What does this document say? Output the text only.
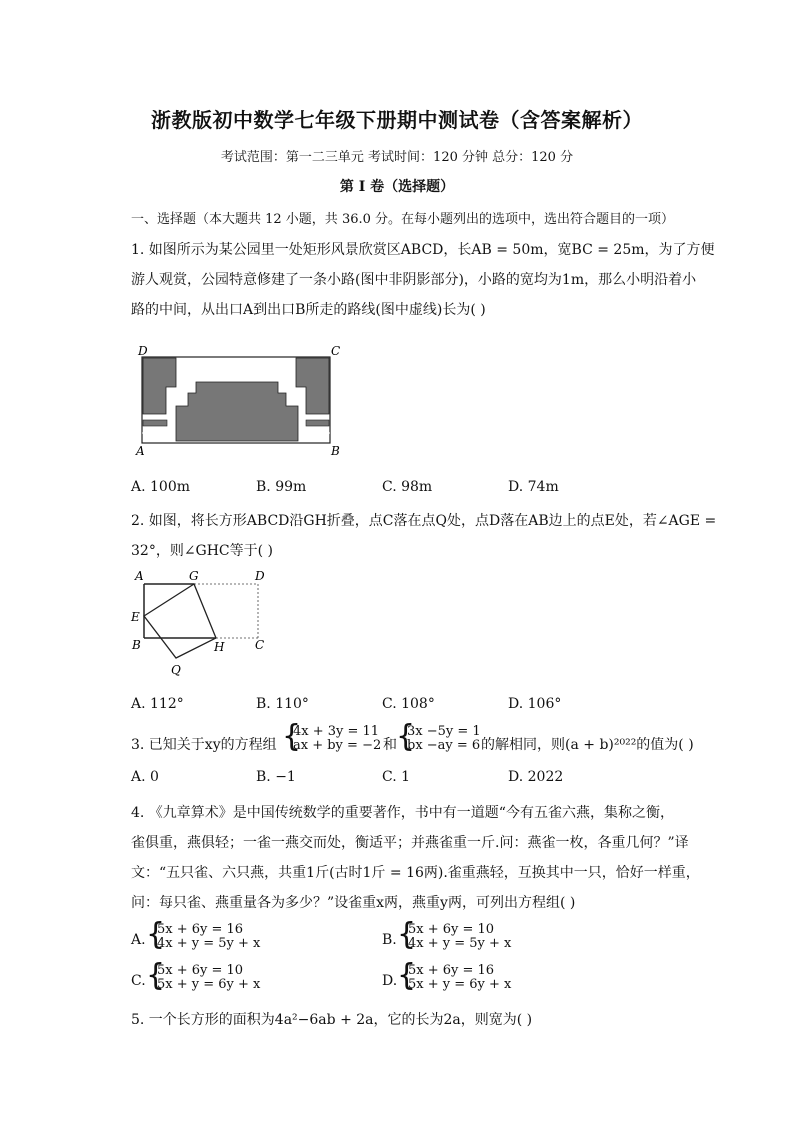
浙教版初中数学七年级下册期中测试卷（含答案解析）
考试范围：第一二三单元 考试时间：120 分钟 总分：120 分
第 I 卷（选择题）
一、选择题（本大题共 12 小题，共 36.0 分。在每小题列出的选项中，选出符合题目的一项）
1. 如图所示为某公园里一处矩形风景欣赏区ABCD，长AB = 50m，宽BC = 25m，为了方便
游人观赏，公园特意修建了一条小路(图中非阴影部分)，小路的宽均为1m，那么小明沿着小
路的中间，从出口A到出口B所走的路线(图中虚线)长为( )
D	C
A	B
A. 100m	B. 99m	C. 98m	D. 74m
2. 如图，将长方形ABCD沿GH折叠，点C落在点Q处，点D落在AB边上的点E处，若∠AGE =
32°，则∠GHC等于( )
A	G	D
E
B	H	C
Q
A. 112°	B. 110°	C. 108°	D. 106°
3. 已知关于xy的方程组 {
4x + 3y = 11
ax + by = −2 和 {
3x −5y = 1
bx −ay = 6 的解相同，则(a + b)²⁰²²的值为( )
A. 0	B. −1	C. 1	D. 2022
4. 《九章算术》是中国传统数学的重要著作，书中有一道题“今有五雀六燕，集称之衡，
雀俱重，燕俱轻；一雀一燕交而处，衡适平；并燕雀重一斤.问：燕雀一枚，各重几何？”译
文：“五只雀、六只燕，共重1斤(古时1斤 = 16两).雀重燕轻，互换其中一只，恰好一样重，
问：每只雀、燕重量各为多少？”设雀重x两，燕重y两，可列出方程组( )
A. {
5x + 6y = 16
4x + y = 5y + x	B. {
5x + 6y = 10
4x + y = 5y + x
C. {
5x + 6y = 10
5x + y = 6y + x	D. {
5x + 6y = 16
5x + y = 6y + x
5. 一个长方形的面积为4a²−6ab + 2a，它的长为2a，则宽为( )
